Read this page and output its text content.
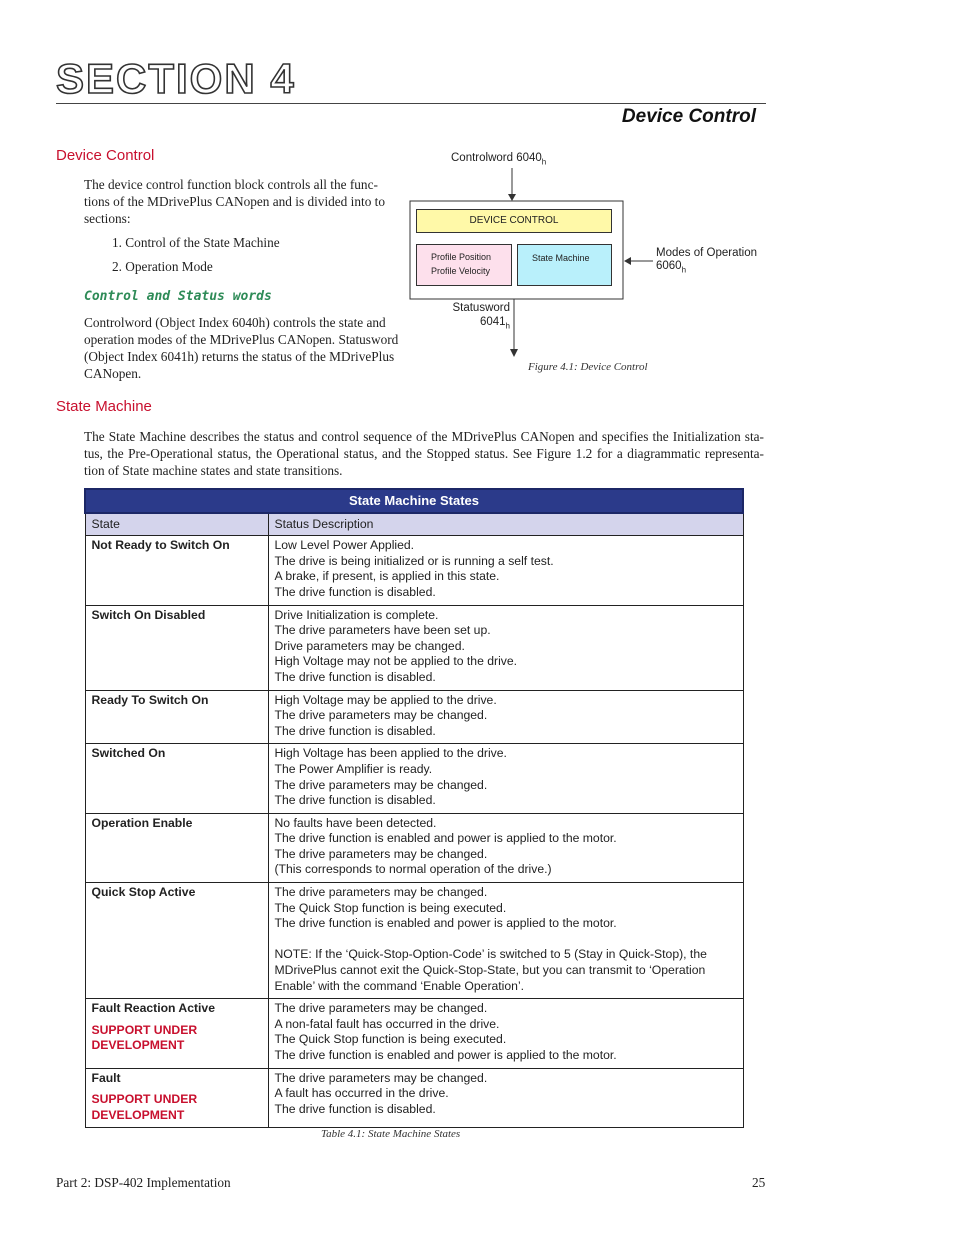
SECTION 4
Device Control
Device Control
The device control function block controls all the func- tions of the MDrivePlus CANopen and is divided into to sections:
1. Control of the State Machine
2. Operation Mode
Control and Status words
Controlword (Object Index 6040h) controls the state and operation modes of the MDrivePlus CANopen. Statusword (Object Index 6041h) returns the status of the MDrivePlus CANopen.
Controlword $6040_h$
DEVICE CONTROL
Profile Position
Profile Velocity
State Machine	Modes of Operation
$6060_h$
Statusword
$6041_h$
Figure 4.1: Device Control
State Machine
The State Machine describes the status and control sequence of the MDrivePlus CANopen and specifies the Initialization sta- tus, the Pre-Operational status, the Operational status, and the Stopped status. See Figure 1.2 for a diagrammatic representa- tion of State machine states and state transitions.
State Machine States	
State	Status Description
Not Ready to Switch On	Low Level Power Applied.
The drive is being initialized or is running a self test.
A brake, if present, is applied in this state.
The drive function is disabled.

Switch On Disabled	Drive Initialization is complete.
The drive parameters have been set up.
Drive parameters may be changed.
High Voltage may not be applied to the drive.
The drive function is disabled.

Ready To Switch On	High Voltage may be applied to the drive.
The drive parameters may be changed.
The drive function is disabled.

Switched On	High Voltage has been applied to the drive.
The Power Amplifier is ready.
The drive parameters may be changed.
The drive function is disabled.

Operation Enable	No faults have been detected.
The drive function is enabled and power is applied to the motor.
The drive parameters may be changed.
(This corresponds to normal operation of the drive.)

Quick Stop Active	The drive parameters may be changed.
The Quick Stop function is being executed.
The drive function is enabled and power is applied to the motor.

NOTE: If the ‘Quick-Stop-Option-Code’ is switched to 5 (Stay in Quick-Stop), the MDrivePlus cannot exit the Quick-Stop-State, but you can transmit to ‘Operation Enable’ with the command ‘Enable Operation’.

Fault Reaction Active
SUPPORT UNDER DEVELOPMENT	The drive parameters may be changed.
A non-fatal fault has occurred in the drive.
The Quick Stop function is being executed.
The drive function is enabled and power is applied to the motor.

Fault
SUPPORT UNDER DEVELOPMENT	The drive parameters may be changed.
A fault has occurred in the drive.
The drive function is disabled.
Table 4.1: State Machine States
Part 2: DSP-402 Implementation	25
